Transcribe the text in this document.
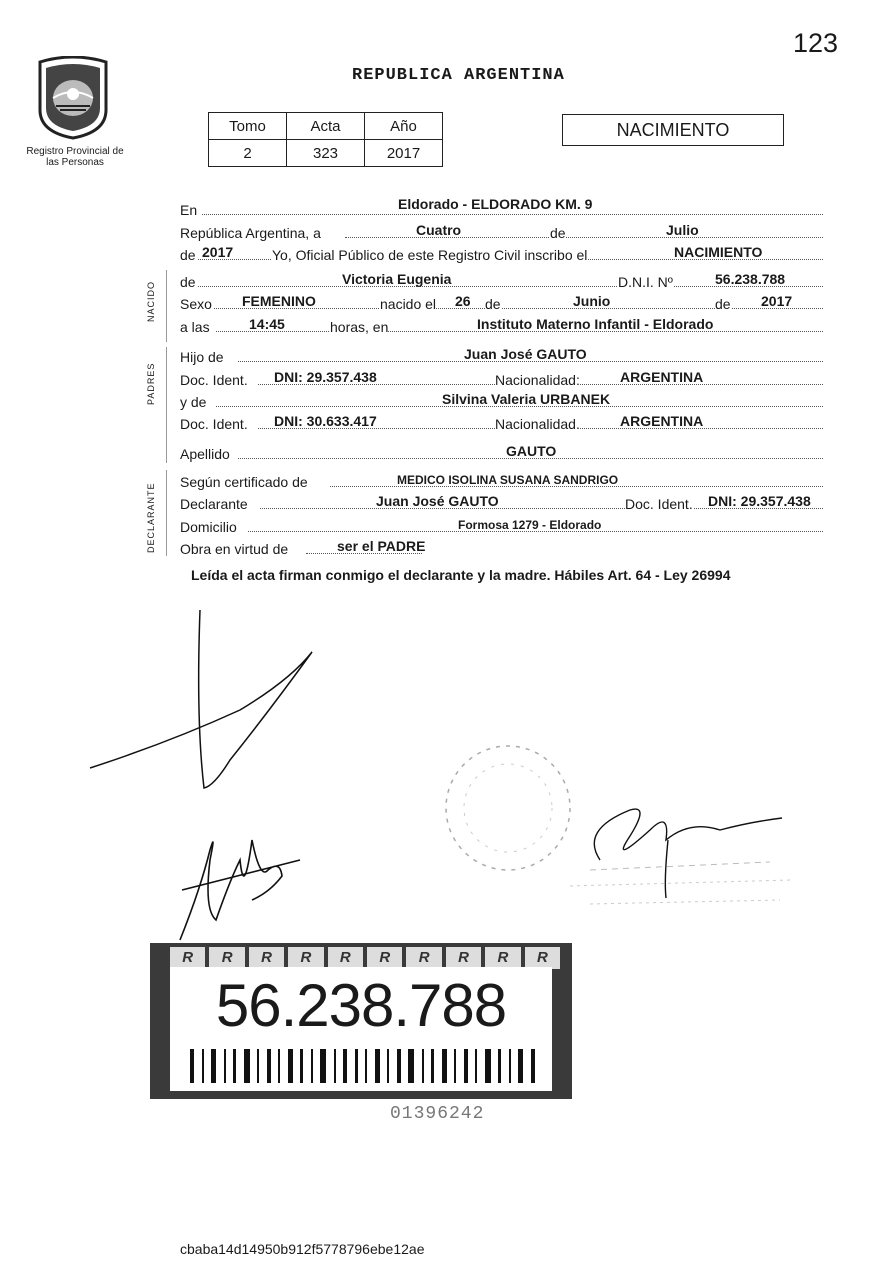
123
Registro Provincial de las Personas
REPUBLICA ARGENTINA
Tomo	Acta	Año
2	323	2017
NACIMIENTO
En	Eldorado - ELDORADO KM. 9
República Argentina, a	Cuatro	de	Julio
de 2017	Yo, Oficial Público de este Registro Civil inscribo el	NACIMIENTO
NACIDO de	Victoria Eugenia	D.N.I. Nº	56.238.788
Sexo FEMENINO	nacido el 26 de	Junio	de 2017
a las	14:45	horas, en	Instituto Materno Infantil - Eldorado
PADRES
Hijo de	Juan José GAUTO
Doc. Ident. DNI: 29.357.438	Nacionalidad:	ARGENTINA
y de	Silvina Valeria URBANEK
Doc. Ident. DNI: 30.633.417	Nacionalidad.	ARGENTINA
Apellido	GAUTO
DECLARANTE
Según certificado de	MEDICO ISOLINA SUSANA SANDRIGO
Declarante	Juan José GAUTO	Doc. Ident. DNI: 29.357.438
Domicilio	Formosa 1279 - Eldorado
Obra en virtud de	ser el PADRE
Leída el acta firman conmigo el declarante y la madre. Hábiles Art. 64 - Ley 26994
R	R	R	R	R	R	R	R	R	R
56.238.788
01396242
cbaba14d14950b912f5778796ebe12ae
